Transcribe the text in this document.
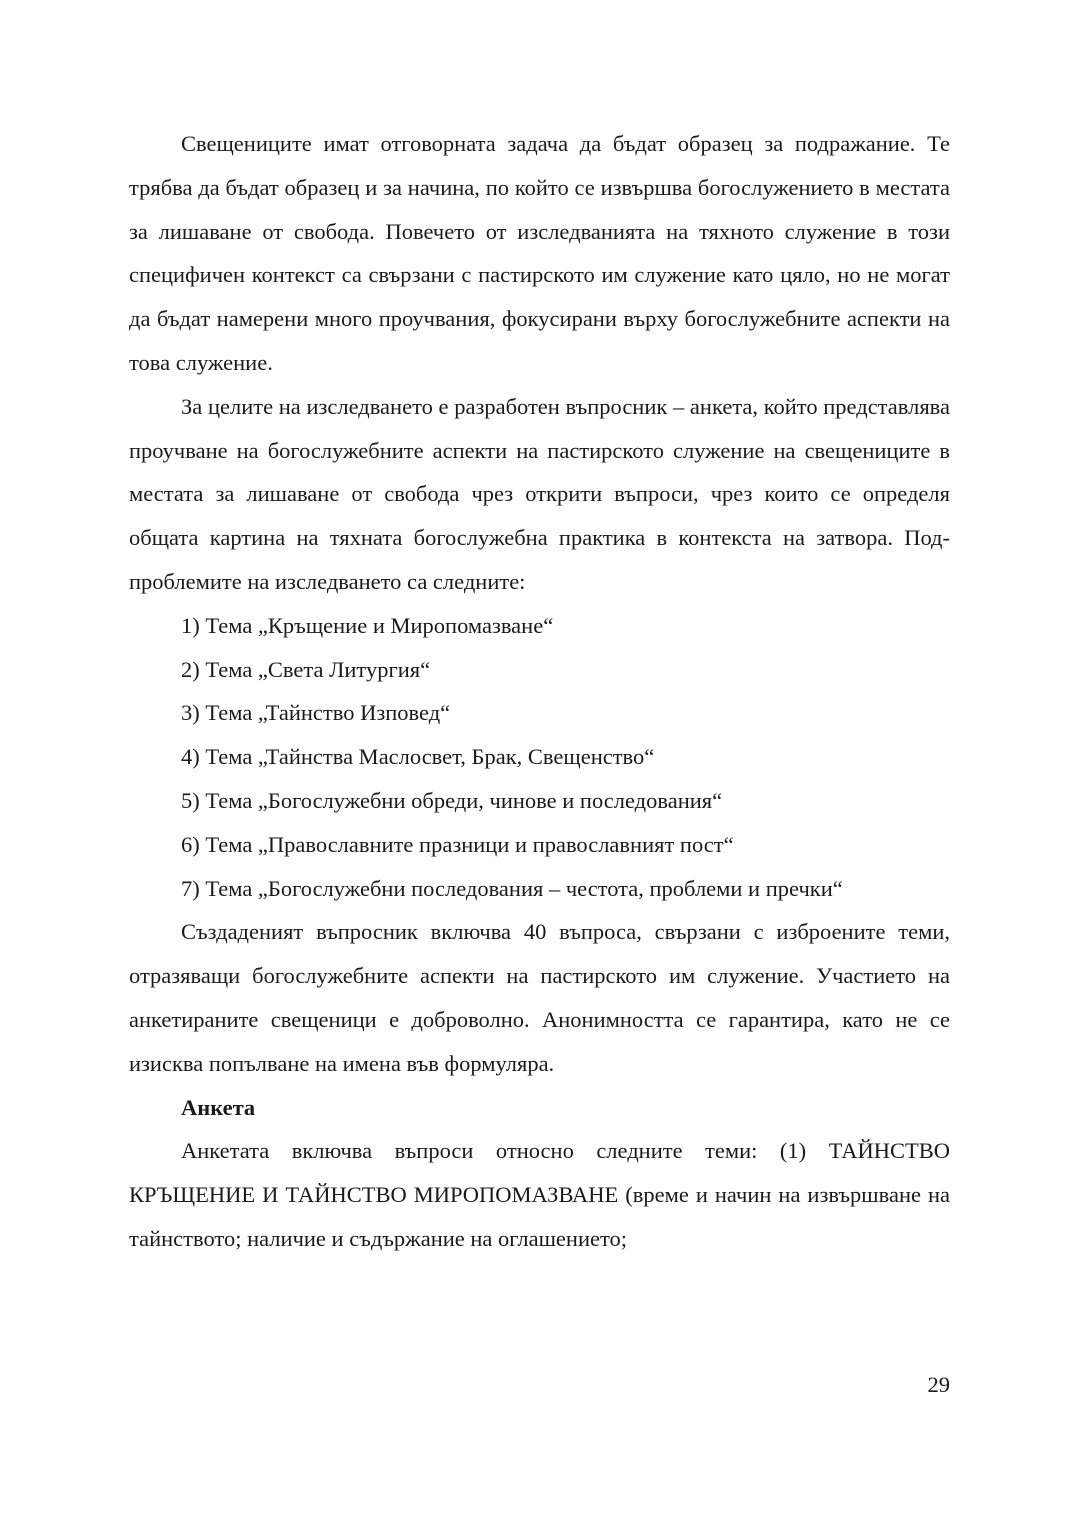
Свещениците имат отговорната задача да бъдат образец за подражание. Те трябва да бъдат образец и за начина, по който се извършва богослужението в местата за лишаване от свобода. Повечето от изследванията на тяхното служение в този специфичен контекст са свързани с пастирското им служение като цяло, но не могат да бъдат намерени много проучвания, фокусирани върху богослужебните аспекти на това служение.

За целите на изследването е разработен въпросник – анкета, който представлява проучване на богослужебните аспекти на пастирското служение на свещениците в местата за лишаване от свобода чрез открити въпроси, чрез които се определя общата картина на тяхната богослужебна практика в контекста на затвора. Под-проблемите на изследването са следните:

1) Тема „Кръщение и Миропомазване“
2) Тема „Света Литургия“
3) Тема „Тайнство Изповед“
4) Тема „Тайнства Маслосвет, Брак, Свещенство“
5) Тема „Богослужебни обреди, чинове и последования“
6) Тема „Православните празници и православният пост“
7) Тема „Богослужебни последования – честота, проблеми и пречки“

Създаденият въпросник включва 40 въпроса, свързани с изброените теми, отразяващи богослужебните аспекти на пастирското им служение. Участието на анкетираните свещеници е доброволно. Анонимността се гарантира, като не се изисква попълване на имена във формуляра.

Анкета

Анкетата включва въпроси относно следните теми: (1) ТАЙНСТВО КРЪЩЕНИЕ И ТАЙНСТВО МИРОПОМАЗВАНЕ (време и начин на извършване на тайнството; наличие и съдържание на оглашението;

29
